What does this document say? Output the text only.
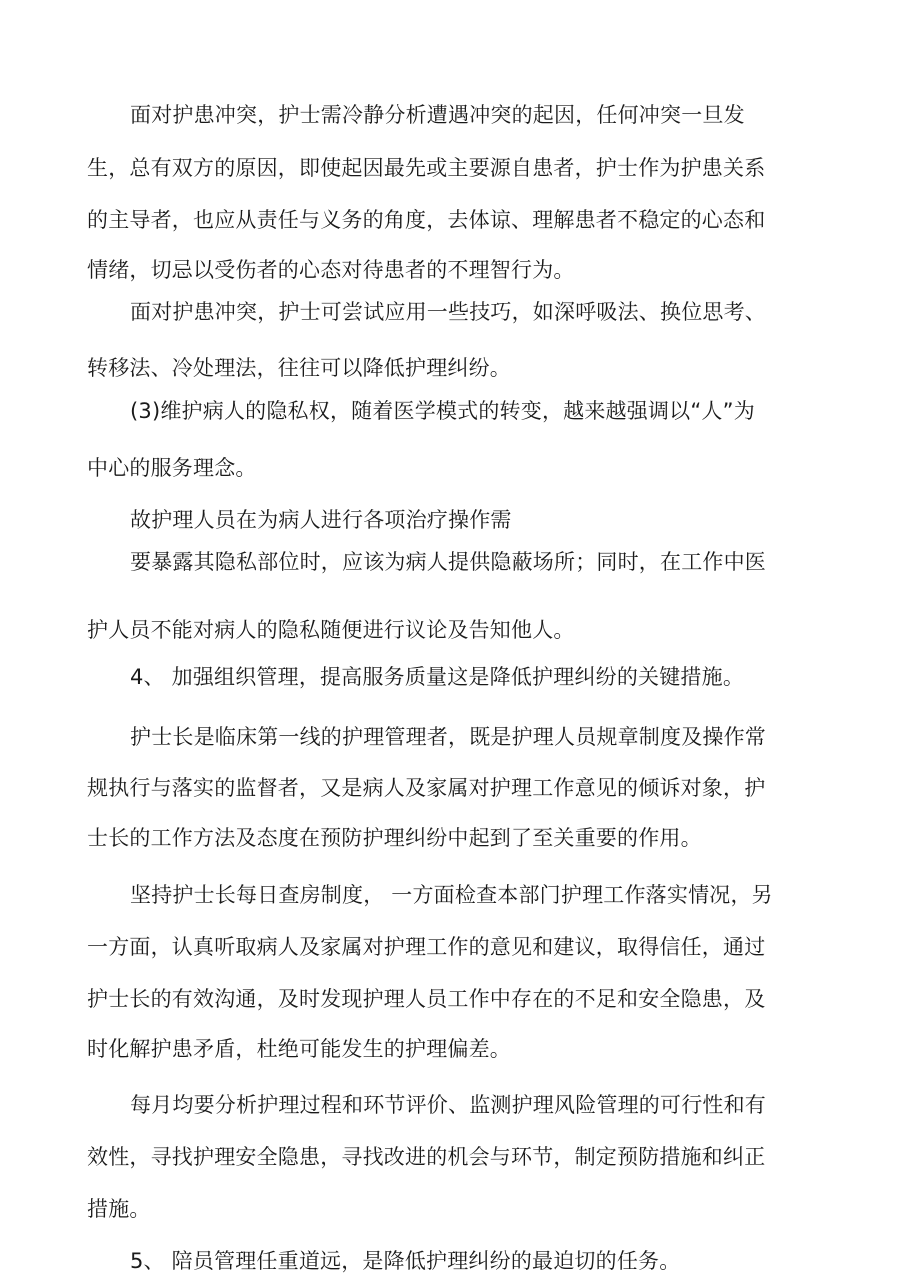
面对护患冲突，护士需冷静分析遭遇冲突的起因，任何冲突一旦发
生，总有双方的原因，即使起因最先或主要源自患者，护士作为护患关系
的主导者，也应从责任与义务的角度，去体谅、理解患者不稳定的心态和
情绪，切忌以受伤者的心态对待患者的不理智行为。
面对护患冲突，护士可尝试应用一些技巧，如深呼吸法、换位思考、
转移法、冷处理法，往往可以降低护理纠纷。
(3)维护病人的隐私权，随着医学模式的转变，越来越强调以“人”为
中心的服务理念。
故护理人员在为病人进行各项治疗操作需
要暴露其隐私部位时，应该为病人提供隐蔽场所；同时，在工作中医
护人员不能对病人的隐私随便进行议论及告知他人。
4、 加强组织管理，提高服务质量这是降低护理纠纷的关键措施。
护士长是临床第一线的护理管理者，既是护理人员规章制度及操作常
规执行与落实的监督者，又是病人及家属对护理工作意见的倾诉对象，护
士长的工作方法及态度在预防护理纠纷中起到了至关重要的作用。
坚持护士长每日查房制度， 一方面检查本部门护理工作落实情况，另
一方面，认真听取病人及家属对护理工作的意见和建议，取得信任，通过
护士长的有效沟通，及时发现护理人员工作中存在的不足和安全隐患，及
时化解护患矛盾，杜绝可能发生的护理偏差。
每月均要分析护理过程和环节评价、监测护理风险管理的可行性和有
效性，寻找护理安全隐患，寻找改进的机会与环节，制定预防措施和纠正
措施。
5、 陪员管理任重道远，是降低护理纠纷的最迫切的任务。
